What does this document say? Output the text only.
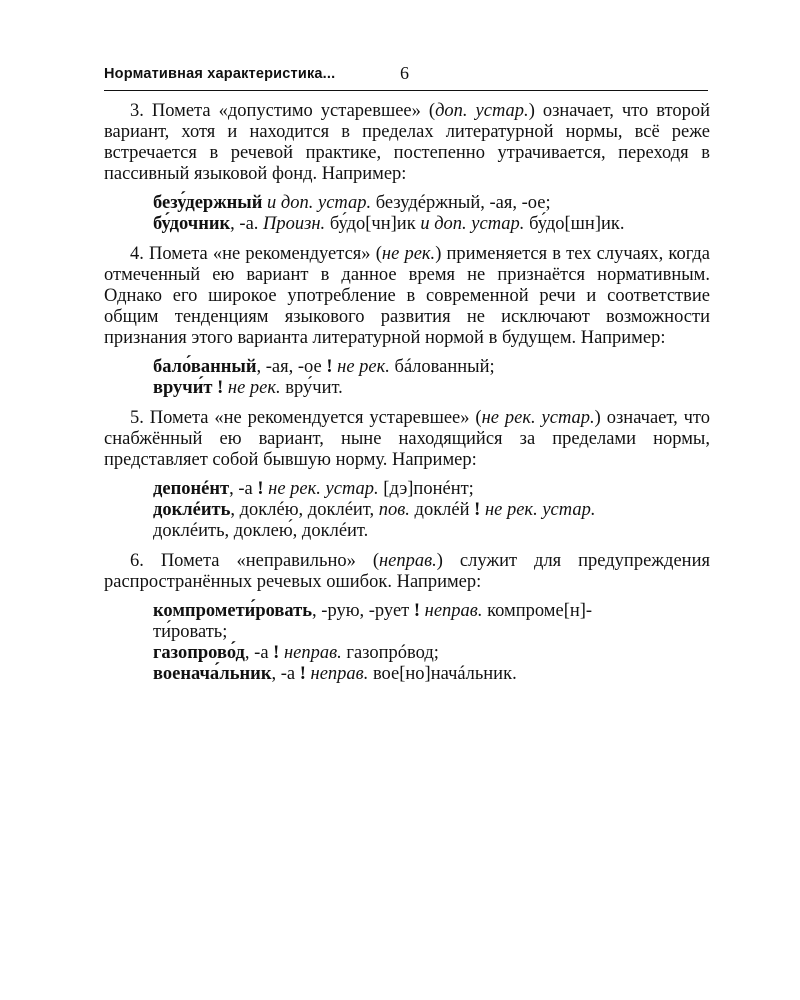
Нормативная характеристика...	6

3. Помета «допустимо устаревшее» (доп. устар.) означает, что второй вариант, хотя и находится в пределах литературной нормы, всё реже встречается в речевой практике, постепенно утрачивается, переходя в пассивный языковой фонд. Например:

безу́держный и доп. устар. безудéржный, -ая, -ое;
бу́дочник, -а. Произн. бу́до[чн]ик и доп. устар. бу́до[шн]ик.

4. Помета «не рекомендуется» (не рек.) применяется в тех случаях, когда отмеченный ею вариант в данное время не признаётся нормативным. Однако его широкое употребление в современной речи и соответствие общим тенденциям языкового развития не исключают возможности признания этого варианта литературной нормой в будущем. Например:

бало́ванный, -ая, -ое ! не рек. бáлованный;
вручи́т ! не рек. вру́чит.

5. Помета «не рекомендуется устаревшее» (не рек. устар.) означает, что снабжённый ею вариант, ныне находящийся за пределами нормы, представляет собой бывшую норму. Например:

депонéнт, -а ! не рек. устар. [дэ]понéнт;
доклéить, доклéю, доклéит, пов. доклéй ! не рек. устар.
доклéить, доклею́, доклéит.

6. Помета «неправильно» (неправ.) служит для предупреждения распространённых речевых ошибок. Например:

компромети́ровать, -рую, -рует ! неправ. компроме[н]-
ти́ровать;
газопрово́д, -а ! неправ. газопрóвод;
военача́льник, -а ! неправ. вое[но]начáльник.
